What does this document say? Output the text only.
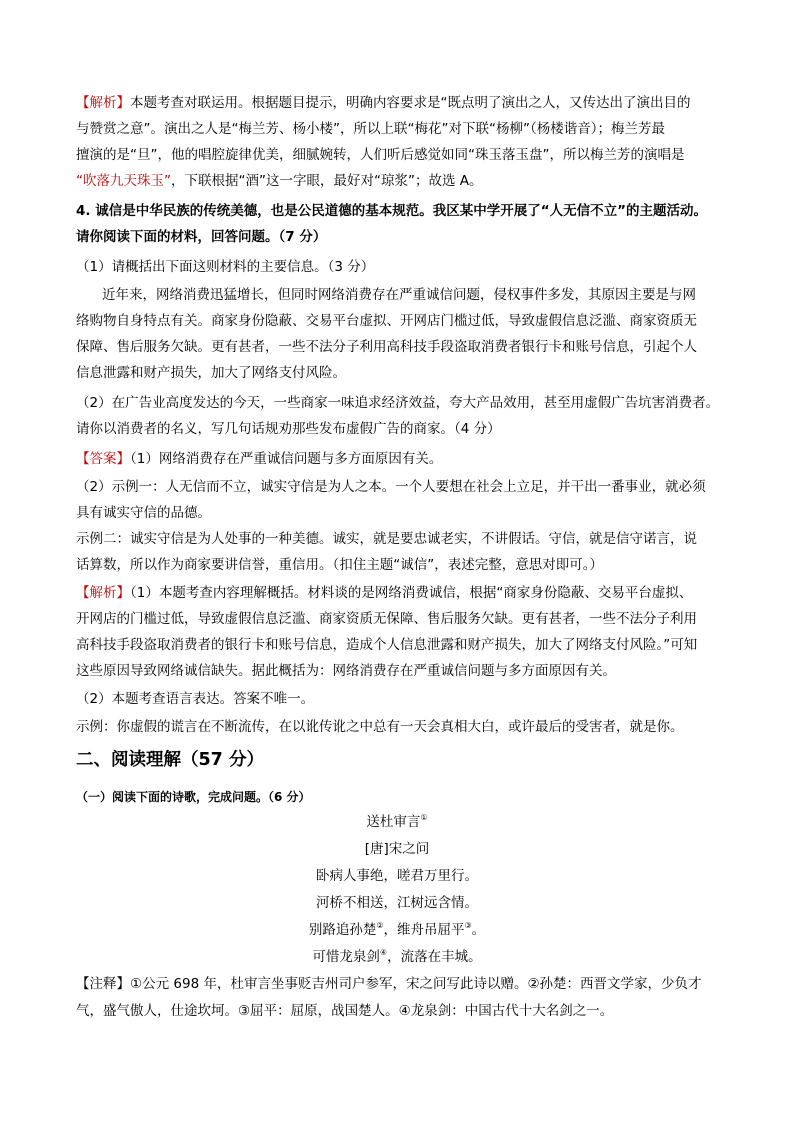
【解析】本题考查对联运用。根据题目提示，明确内容要求是“既点明了演出之人，又传达出了演出目的
与赞赏之意”。演出之人是“梅兰芳、杨小楼”，所以上联“梅花”对下联“杨柳”（杨楼谐音）；梅兰芳最
擅演的是“旦”，他的唱腔旋律优美，细腻婉转，人们听后感觉如同“珠玉落玉盘”，所以梅兰芳的演唱是
“吹落九天珠玉”，下联根据“酒”这一字眼，最好对“琼浆”；故选 A。
4. 诚信是中华民族的传统美德，也是公民道德的基本规范。我区某中学开展了“人无信不立”的主题活动。
请你阅读下面的材料，回答问题。（7 分）
（1）请概括出下面这则材料的主要信息。（3 分）
近年来，网络消费迅猛增长，但同时网络消费存在严重诚信问题，侵权事件多发，其原因主要是与网
络购物自身特点有关。商家身份隐蔽、交易平台虚拟、开网店门槛过低，导致虚假信息泛滥、商家资质无
保障、售后服务欠缺。更有甚者，一些不法分子利用高科技手段盗取消费者银行卡和账号信息，引起个人
信息泄露和财产损失，加大了网络支付风险。
（2）在广告业高度发达的今天，一些商家一味追求经济效益，夸大产品效用，甚至用虚假广告坑害消费者。
请你以消费者的名义，写几句话规劝那些发布虚假广告的商家。（4 分）
【答案】（1）网络消费存在严重诚信问题与多方面原因有关。
（2）示例一：人无信而不立，诚实守信是为人之本。一个人要想在社会上立足，并干出一番事业，就必须
具有诚实守信的品德。
示例二：诚实守信是为人处事的一种美德。诚实，就是要忠诚老实，不讲假话。守信，就是信守诺言，说
话算数，所以作为商家要讲信誉，重信用。（扣住主题“诚信”，表述完整，意思对即可。）
【解析】（1）本题考查内容理解概括。材料谈的是网络消费诚信，根据“商家身份隐蔽、交易平台虚拟、
开网店的门槛过低，导致虚假信息泛滥、商家资质无保障、售后服务欠缺。更有甚者，一些不法分子利用
高科技手段盗取消费者的银行卡和账号信息，造成个人信息泄露和财产损失，加大了网络支付风险。”可知
这些原因导致网络诚信缺失。据此概括为：网络消费存在严重诚信问题与多方面原因有关。
（2）本题考查语言表达。答案不唯一。
示例：你虚假的谎言在不断流传，在以讹传讹之中总有一天会真相大白，或许最后的受害者，就是你。
二、阅读理解（57 分）
（一）阅读下面的诗歌，完成问题。（6 分）
送杜审言①
[唐]宋之问
卧病人事绝，嗟君万里行。
河桥不相送，江树远含情。
别路追孙楚②，维舟吊屈平③。
可惜龙泉剑④，流落在丰城。
【注释】①公元 698 年，杜审言坐事贬吉州司户参军，宋之问写此诗以赠。②孙楚：西晋文学家，少负才
气，盛气傲人，仕途坎坷。③屈平：屈原，战国楚人。④龙泉剑：中国古代十大名剑之一。
